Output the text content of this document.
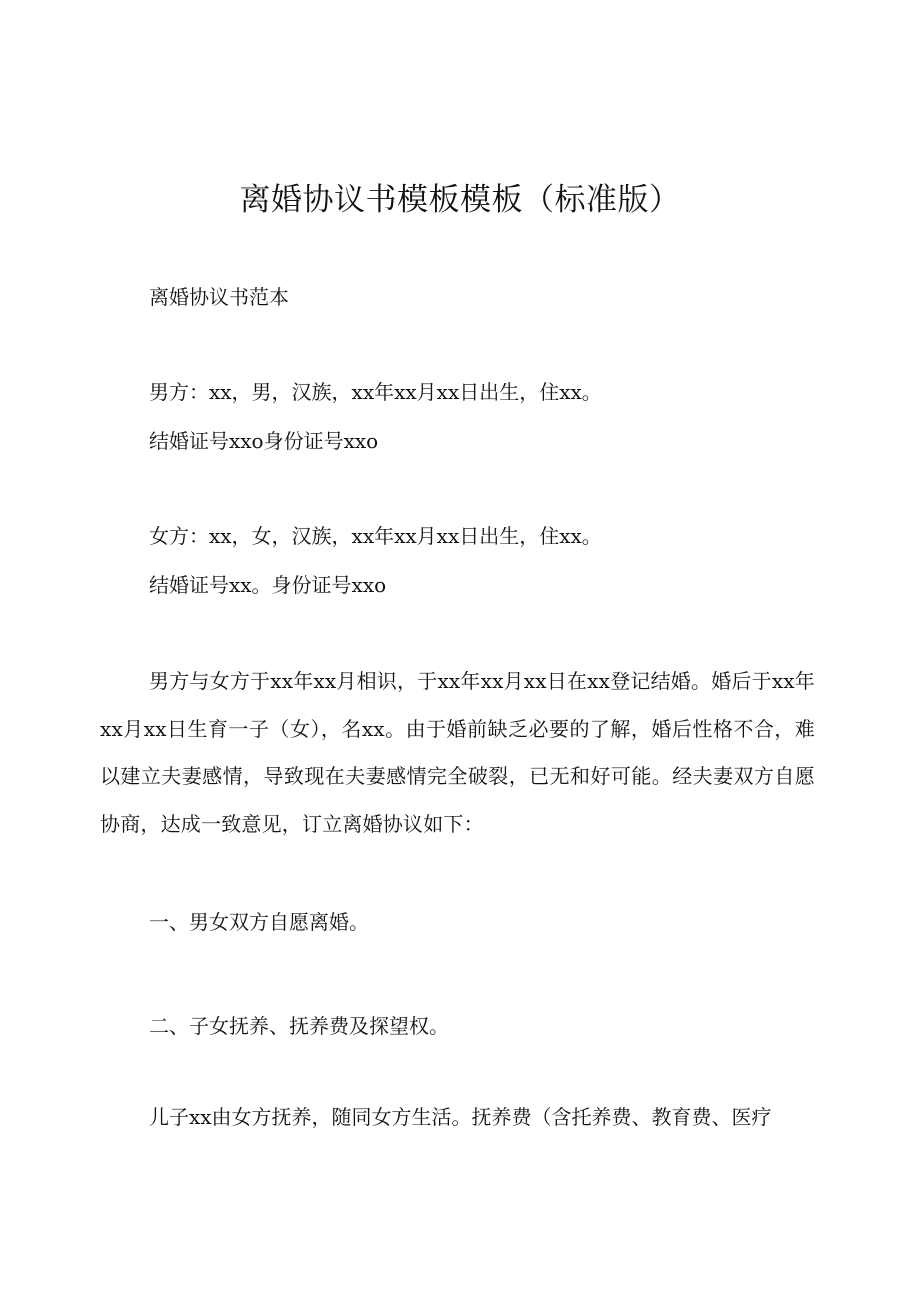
离婚协议书模板模板（标准版）
离婚协议书范本
男方：xx，男，汉族，xx年xx月xx日出生，住xx。
结婚证号xxo身份证号xxo
女方：xx，女，汉族，xx年xx月xx日出生，住xx。
结婚证号xx。身份证号xxo
男方与女方于xx年xx月相识，于xx年xx月xx日在xx登记结婚。婚后于xx年xx月xx日生育一子（女），名xx。由于婚前缺乏必要的了解，婚后性格不合，难以建立夫妻感情，导致现在夫妻感情完全破裂，已无和好可能。经夫妻双方自愿协商，达成一致意见，订立离婚协议如下：
一、男女双方自愿离婚。
二、子女抚养、抚养费及探望权。
儿子xx由女方抚养，随同女方生活。抚养费（含托养费、教育费、医疗
